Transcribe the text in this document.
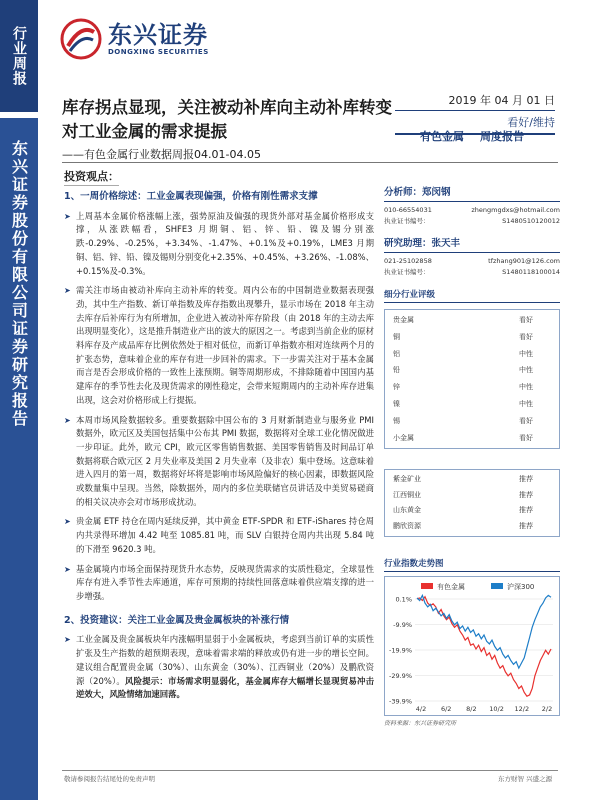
行业周报
东兴证券股份有限公司证券研究报告
东兴证券
DONGXING SECURITIES
库存拐点显现，关注被动补库向主动补库转变对工业金属的需求提振
——有色金属行业数据周报04.01-04.05
2019 年 04 月 01 日
看好/维持
有色金属 周度报告
投资观点：
1、一周价格综述：工业金属表现偏强，价格有刚性需求支撑
➤ 上周基本金属价格涨幅上涨，强势原油及偏强的现货外部对基金属价格形成支撑，从涨跌幅看，SHFE3 月期铜、铝、锌、铅、镍及锡分别涨跌-0.29%、-0.25%，+3.34%、-1.47%、+0.1%及+0.19%，LME3 月期铜、铝、锌、铅、镍及锡则分别变化+2.35%、+0.45%、+3.26%、-1.08%、+0.15%及-0.3%。
➤ 需关注市场由被动补库向主动补库的转变。周内公布的中国制造业数据表现强劲，其中生产指数、新订单指数及库存指数出现攀升，显示市场在 2018 年主动去库存后补库行为有所增加，企业进入被动补库存阶段（由 2018 年的主动去库出现明显变化），这是推升制造业产出的波大的原因之一。考虑到当前企业的原材料库存及产成品库存比例依然处于相对低位，而新订单指数亦相对连续两个月的扩张态势，意味着企业的库存有进一步回补的需求。下一步需关注对于基本金属而言是否会形成价格的一致性上涨预期。铜等周期形成，不排除随着中国国内基建库存的季节性去化及现货需求的刚性稳定，会带来短期周内的主动补库存进集出现，这会对价格形成上行提振。
➤ 本周市场风险数据较多。重要数据除中国公布的 3 月财新制造业与服务业 PMI 数据外，欧元区及美国包括集中公布其 PMI 数据，数据将对全球工业化情况做进一步印证。此外，欧元 CPI，欧元区零售销售数据、美国零售销售及时间品订单数据将联合欧元区 2 月失业率及美国 2 月失业率（及非农）集中登场。这意味着进入四月的第一周，数据将好坏将是影响市场风险偏好的核心因素，即数据风险或数量集中呈现。当然，除数据外，周内的多位美联储官员讲话及中美贸易磋商的相关议决亦会对市场形成扰动。
➤ 贵金属 ETF 持仓在周内延续反弹，其中黄金 ETF-SPDR 和 ETF-iShares 持仓周内共录得环增加 4.42 吨至 1085.81 吨，而 SLV 白银持仓周内共出现 5.84 吨的下滑至 9620.3 吨。
➤ 基金属境内市场全面保持现货升水态势，反映现货需求的实质性稳定，全球显性库存有进入季节性去库通道，库存可预期的持续性回落意味着供应端支撑的进一步增强。
2、投资建议：关注工业金属及贵金属板块的补涨行情
➤ 工业金属及贵金属板块年内涨幅明显弱于小金属板块，考虑到当前订单的实质性扩张及生产指数的超预期表现，意味着需求端的释放或仍有进一步的增长空间。建议组合配置贵金属（30%）、山东黄金（30%）、江西铜业（20%）及鹏欣资源（20%）。风险提示：市场需求明显弱化，基金属库存大幅增长显现贸易冲击逆效大，风险情绪加速回落。
分析师：郑闵钢
010-66554031	zhengmgdxs@hotmail.com
执业证书编号：	S1480510120012
研究助理：张天丰
021-25102858	tfzhang901@126.com
执业证书编号：	S1480118100014
细分行业评级
贵金属	看好
铜	看好
铝	中性
铅	中性
锌	中性
镍	中性
锡	看好
小金属	看好
紫金矿业	推荐
江西铜业	推荐
山东黄金	推荐
鹏欣资源	推荐
行业指数走势图
有色金属	沪深300
0.1%
-9.9%
-19.9%
-29.9%
-39.9%
4/2 6/2 8/2 10/2 12/2 2/2
资料来源：东兴证券研究所
敬请参阅报告结尾处的免责声明	东方财智 兴盛之源
